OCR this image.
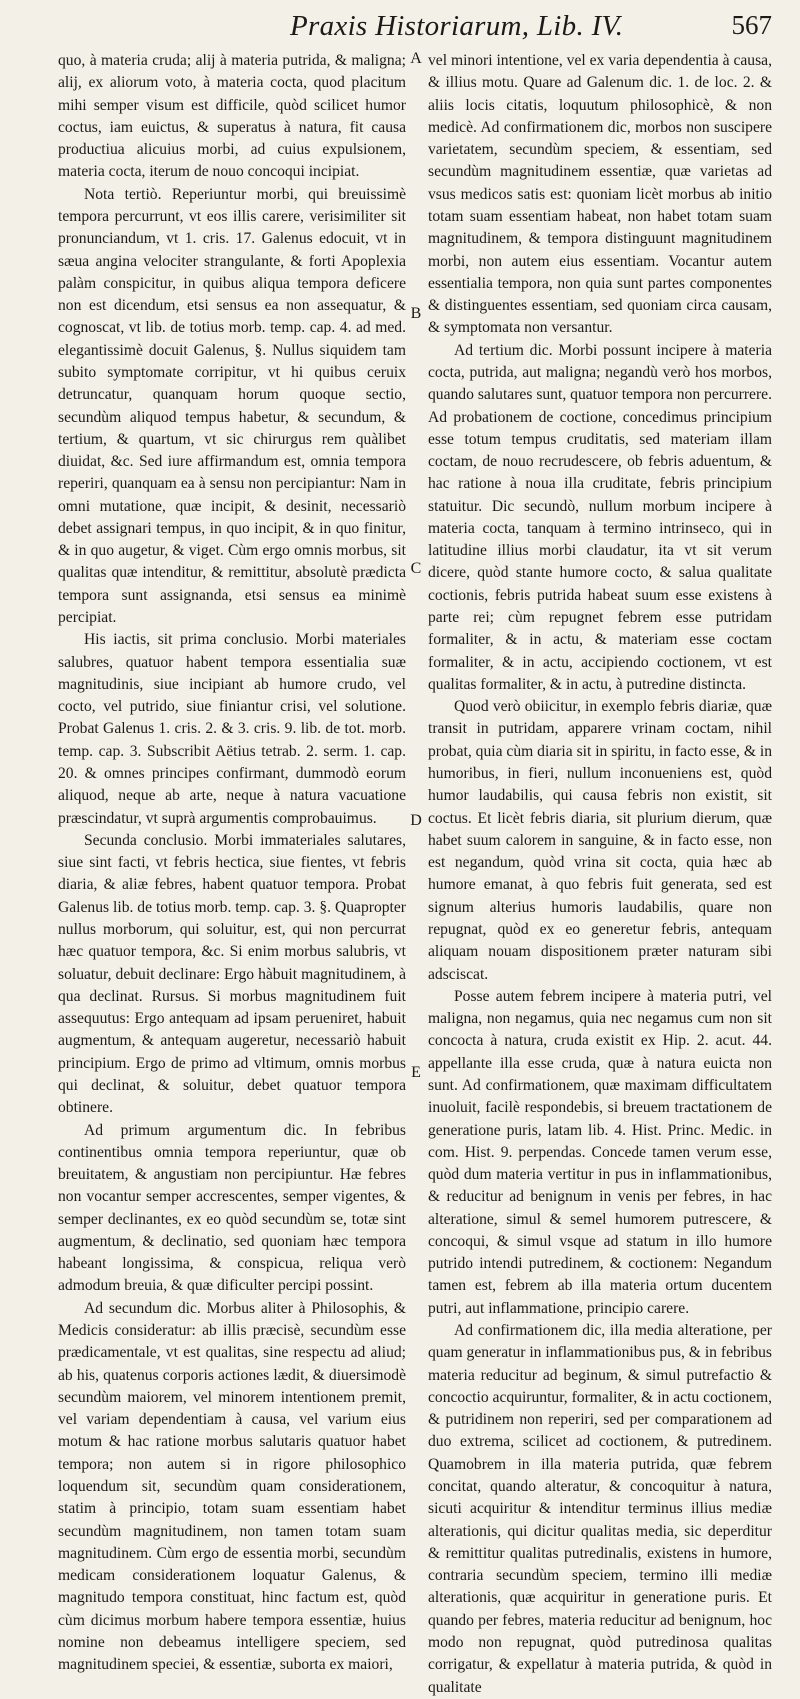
Praxis Historiarum, Lib. IV.	567

quo, à materia cruda; alij à materia putrida, & maligna; alij, ex aliorum voto, à materia cocta, quod placitum mihi semper visum est difficile, quòd scilicet humor coctus, iam euictus, & superatus à natura, fit causa productiua alicuius morbi, ad cuius expulsionem, materia cocta, iterum de nouo concoqui incipiat.

Nota tertiò. Reperiuntur morbi, qui breuissimè tempora percurrunt, vt eos illis carere, verisimiliter sit pronunciandum, vt 1. cris. 17. Galenus edocuit, vt in sæua angina velociter strangulante, & forti Apoplexia palàm conspicitur, in quibus aliqua tempora deficere non est dicendum, etsi sensus ea non assequatur, & cognoscat, vt lib. de totius morb. temp. cap. 4. ad med. elegantissimè docuit Galenus, §. Nullus siquidem tam subito symptomate corripitur, vt hi quibus ceruix detruncatur, quanquam horum quoque sectio, secundùm aliquod tempus habetur, & secundum, & tertium, & quartum, vt sic chirurgus rem quàlibet diuidat, &c. Sed iure affirmandum est, omnia tempora reperiri, quanquam ea à sensu non percipiantur: Nam in omni mutatione, quæ incipit, & desinit, necessariò debet assignari tempus, in quo incipit, & in quo finitur, & in quo augetur, & viget. Cùm ergo omnis morbus, sit qualitas quæ intenditur, & remittitur, absolutè prædicta tempora sunt assignanda, etsi sensus ea minimè percipiat.

His iactis, sit prima conclusio. Morbi materiales salubres, quatuor habent tempora essentialia suæ magnitudinis, siue incipiant ab humore crudo, vel cocto, vel putrido, siue finiantur crisi, vel solutione. Probat Galenus 1. cris. 2. & 3. cris. 9. lib. de tot. morb. temp. cap. 3. Subscribit Aëtius tetrab. 2. serm. 1. cap. 20. & omnes principes confirmant, dummodò eorum aliquod, neque ab arte, neque à natura vacuatione præscindatur, vt suprà argumentis comprobauimus.

Secunda conclusio. Morbi immateriales salutares, siue sint facti, vt febris hectica, siue fientes, vt febris diaria, & aliæ febres, habent quatuor tempora. Probat Galenus lib. de totius morb. temp. cap. 3. §. Quapropter nullus morborum, qui soluitur, est, qui non percurrat hæc quatuor tempora, &c. Si enim morbus salubris, vt soluatur, debuit declinare: Ergo hàbuit magnitudinem, à qua declinat. Rursus. Si morbus magnitudinem fuit assequutus: Ergo antequam ad ipsam perueniret, habuit augmentum, & antequam augeretur, necessariò habuit principium. Ergo de primo ad vltimum, omnis morbus qui declinat, & soluitur, debet quatuor tempora obtinere.

Ad primum argumentum dic. In febribus continentibus omnia tempora reperiuntur, quæ ob breuitatem, & angustiam non percipiuntur. Hæ febres non vocantur semper accrescentes, semper vigentes, & semper declinantes, ex eo quòd secundùm se, totæ sint augmentum, & declinatio, sed quoniam hæc tempora habeant longissima, & conspicua, reliqua verò admodum breuia, & quæ dificulter percipi possint.

Ad secundum dic. Morbus aliter à Philosophis, & Medicis consideratur: ab illis præcisè, secundùm esse prædicamentale, vt est qualitas, sine respectu ad aliud; ab his, quatenus corporis actiones lædit, & diuersimodè secundùm maiorem, vel minorem intentionem premit, vel variam dependentiam à causa, vel varium eius motum & hac ratione morbus salutaris quatuor habet tempora; non autem si in rigore philosophico loquendum sit, secundùm quam considerationem, statim à principio, totam suam essentiam habet secundùm magnitudinem, non tamen totam suam magnitudinem. Cùm ergo de essentia morbi, secundùm medicam considerationem loquatur Galenus, & magnitudo tempora constituat, hinc factum est, quòd cùm dicimus morbum habere tempora essentiæ, huius nomine non debeamus intelligere speciem, sed magnitudinem speciei, & essentiæ, suborta ex maiori,

vel minori intentione, vel ex varia dependentia à causa, & illius motu. Quare ad Galenum dic. 1. de loc. 2. & aliis locis citatis, loquutum philosophicè, & non medicè. Ad confirmationem dic, morbos non suscipere varietatem, secundùm speciem, & essentiam, sed secundùm magnitudinem essentiæ, quæ varietas ad vsus medicos satis est: quoniam licèt morbus ab initio totam suam essentiam habeat, non habet totam suam magnitudinem, & tempora distinguunt magnitudinem morbi, non autem eius essentiam. Vocantur autem essentialia tempora, non quia sunt partes componentes & distinguentes essentiam, sed quoniam circa causam, & symptomata non versantur.

Ad tertium dic. Morbi possunt incipere à materia cocta, putrida, aut maligna; negandù verò hos morbos, quando salutares sunt, quatuor tempora non percurrere. Ad probationem de coctione, concedimus principium esse totum tempus cruditatis, sed materiam illam coctam, de nouo recrudescere, ob febris aduentum, & hac ratione à noua illa cruditate, febris principium statuitur. Dic secundò, nullum morbum incipere à materia cocta, tanquam à termino intrinseco, qui in latitudine illius morbi claudatur, ita vt sit verum dicere, quòd stante humore cocto, & salua qualitate coctionis, febris putrida habeat suum esse existens à parte rei; cùm repugnet febrem esse putridam formaliter, & in actu, & materiam esse coctam formaliter, & in actu, accipiendo coctionem, vt est qualitas formaliter, & in actu, à putredine distincta.

Quod verò obiicitur, in exemplo febris diariæ, quæ transit in putridam, apparere vrinam coctam, nihil probat, quia cùm diaria sit in spiritu, in facto esse, & in humoribus, in fieri, nullum inconueniens est, quòd humor laudabilis, qui causa febris non existit, sit coctus. Et licèt febris diaria, sit plurium dierum, quæ habet suum calorem in sanguine, & in facto esse, non est negandum, quòd vrina sit cocta, quia hæc ab humore emanat, à quo febris fuit generata, sed est signum alterius humoris laudabilis, quare non repugnat, quòd ex eo generetur febris, antequam aliquam nouam dispositionem præter naturam sibi adsciscat.

Posse autem febrem incipere à materia putri, vel maligna, non negamus, quia nec negamus cum non sit concocta à natura, cruda existit ex Hip. 2. acut. 44. appellante illa esse cruda, quæ à natura euicta non sunt. Ad confirmationem, quæ maximam difficultatem inuoluit, facilè respondebis, si breuem tractationem de generatione puris, latam lib. 4. Hist. Princ. Medic. in com. Hist. 9. perpendas. Concede tamen verum esse, quòd dum materia vertitur in pus in inflammationibus, & reducitur ad benignum in venis per febres, in hac alteratione, simul & semel humorem putrescere, & concoqui, & simul vsque ad statum in illo humore putrido intendi putredinem, & coctionem: Negandum tamen est, febrem ab illa materia ortum ducentem putri, aut inflammatione, principio carere.

Ad confirmationem dic, illa media alteratione, per quam generatur in inflammationibus pus, & in febribus materia reducitur ad beginum, & simul putrefactio & concoctio acquiruntur, formaliter, & in actu coctionem, & putridinem non reperiri, sed per comparationem ad duo extrema, scilicet ad coctionem, & putredinem. Quamobrem in illa materia putrida, quæ febrem concitat, quando alteratur, & concoquitur à natura, sicuti acquiritur & intenditur terminus illius mediæ alterationis, qui dicitur qualitas media, sic deperditur & remittitur qualitas putredinalis, existens in humore, contraria secundùm speciem, termino illi mediæ alterationis, quæ acquiritur in generatione puris. Et quando per febres, materia reducitur ad benignum, hoc modo non repugnat, quòd putredinosa qualitas corrigatur, & expellatur à materia putrida, & quòd in qualitate

A
B
C
D
E
